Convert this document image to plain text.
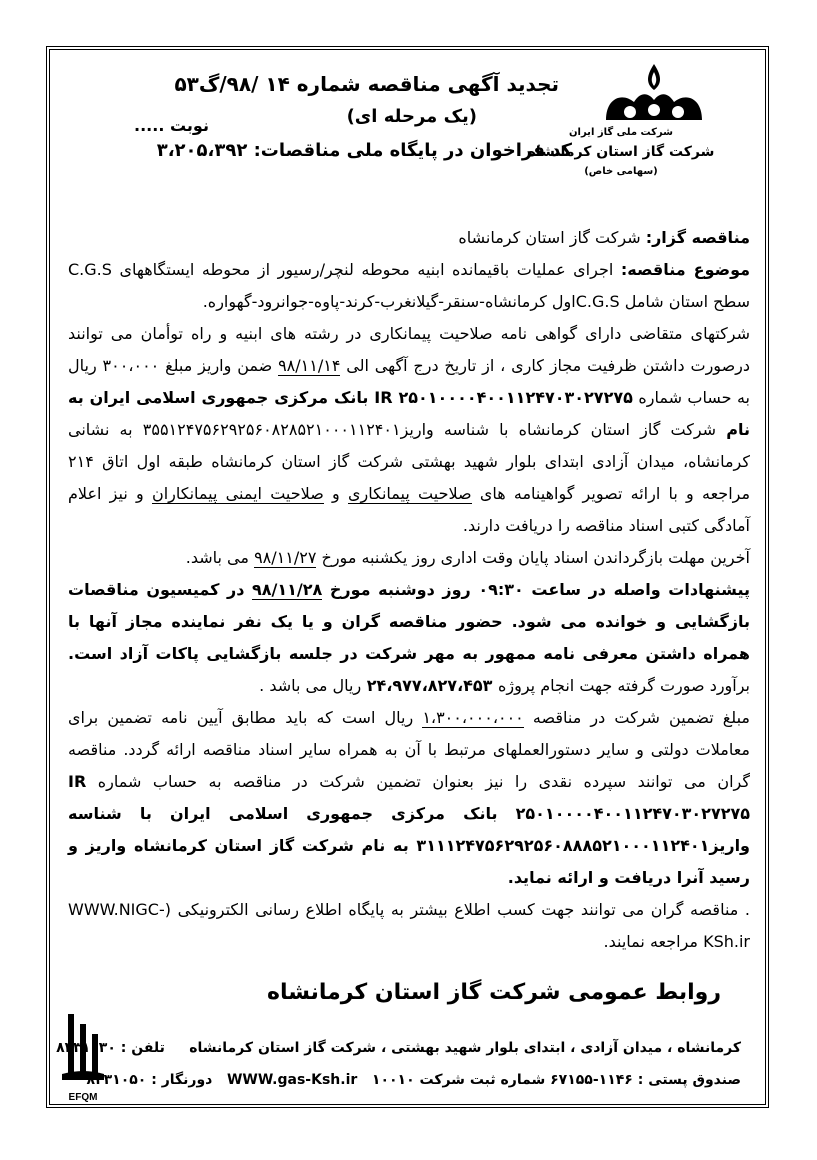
شرکت ملی گاز ایران
شرکت گاز استان کرمانشاه
(سهامی خاص)
تجدید آگهی مناقصه شماره ۱۴ /۹۸/گ۵۳
(یک مرحله ای)
کد فراخوان در پایگاه ملی مناقصات: ۳،۲۰۵،۳۹۲
نوبت .....

مناقصه گزار: شرکت گاز استان کرمانشاه

موضوع مناقصه: اجرای عملیات باقیمانده ابنیه محوطه لنچر/رسیور از محوطه ایستگاههای C.G.S سطح استان شامل C.G.Sاول کرمانشاه-سنقر-گیلانغرب-کرند-پاوه-جوانرود-گهواره.

شرکتهای متقاضی دارای گواهی نامه صلاحیت پیمانکاری در رشته های ابنیه و راه توأمان می توانند درصورت داشتن ظرفیت مجاز کاری ، از تاریخ درج آگهی الی ۹۸/۱۱/۱۴ ضمن واریز مبلغ ۳۰۰،۰۰۰ ریال به حساب شماره IR ۲۵۰۱۰۰۰۰۴۰۰۱۱۲۴۷۰۳۰۲۷۲۷۵ بانک مرکزی جمهوری اسلامی ایران به نام شرکت گاز استان کرمانشاه با شناسه واریز۳۵۵۱۲۴۷۵۶۲۹۲۵۶۰۸۲۸۵۲۱۰۰۰۱۱۲۴۰۱ به نشانی کرمانشاه، میدان آزادی ابتدای بلوار شهید بهشتی شرکت گاز استان کرمانشاه طبقه اول اتاق ۲۱۴ مراجعه و با ارائه تصویر گواهینامه های صلاحیت پیمانکاری و صلاحیت ایمنی پیمانکاران و نیز اعلام آمادگی کتبی اسناد مناقصه را دریافت دارند.

آخرین مهلت بازگرداندن اسناد پایان وقت اداری روز یکشنبه مورخ ۹۸/۱۱/۲۷ می باشد.

پیشنهادات واصله در ساعت ۰۹:۳۰ روز دوشنبه مورخ ۹۸/۱۱/۲۸ در کمیسیون مناقصات بازگشایی و خوانده می شود. حضور مناقصه گران و یا یک نفر نماینده مجاز آنها با همراه داشتن معرفی نامه ممهور به مهر شرکت در جلسه بازگشایی پاکات آزاد است. برآورد صورت گرفته جهت انجام پروژه ۲۴،۹۷۷،۸۲۷،۴۵۳ ریال می باشد .

مبلغ تضمین شرکت در مناقصه ۱،۳۰۰،۰۰۰،۰۰۰ ریال است که باید مطابق آیین نامه تضمین برای معاملات دولتی و سایر دستورالعملهای مرتبط با آن به همراه سایر اسناد مناقصه ارائه گردد. مناقصه گران می توانند سپرده نقدی را نیز بعنوان تضمین شرکت در مناقصه به حساب شماره IR ۲۵۰۱۰۰۰۰۴۰۰۱۱۲۴۷۰۳۰۲۷۲۷۵ بانک مرکزی جمهوری اسلامی ایران با شناسه واریز۳۱۱۱۲۴۷۵۶۲۹۲۵۶۰۸۸۸۵۲۱۰۰۰۱۱۲۴۰۱ به نام شرکت گاز استان کرمانشاه واریز و رسید آنرا دریافت و ارائه نماید.

. مناقصه گران می توانند جهت کسب اطلاع بیشتر به پایگاه اطلاع رسانی الکترونیکی (WWW.NIGC-KSh.ir مراجعه نمایند.

روابط عمومی شرکت گاز استان کرمانشاه
EFQM
کرمانشاه ، میدان آزادی ، ابتدای بلوار شهید بهشتی ، شرکت گاز استان کرمانشاه     تلفن : ۸۲۳۱۰۳۰
صندوق پستی : ۱۱۴۶-۶۷۱۵۵ شماره ثبت شرکت ۱۰۰۱۰   WWW.gas-Ksh.ir   دورنگار : ۸۲۳۱۰۵۰
